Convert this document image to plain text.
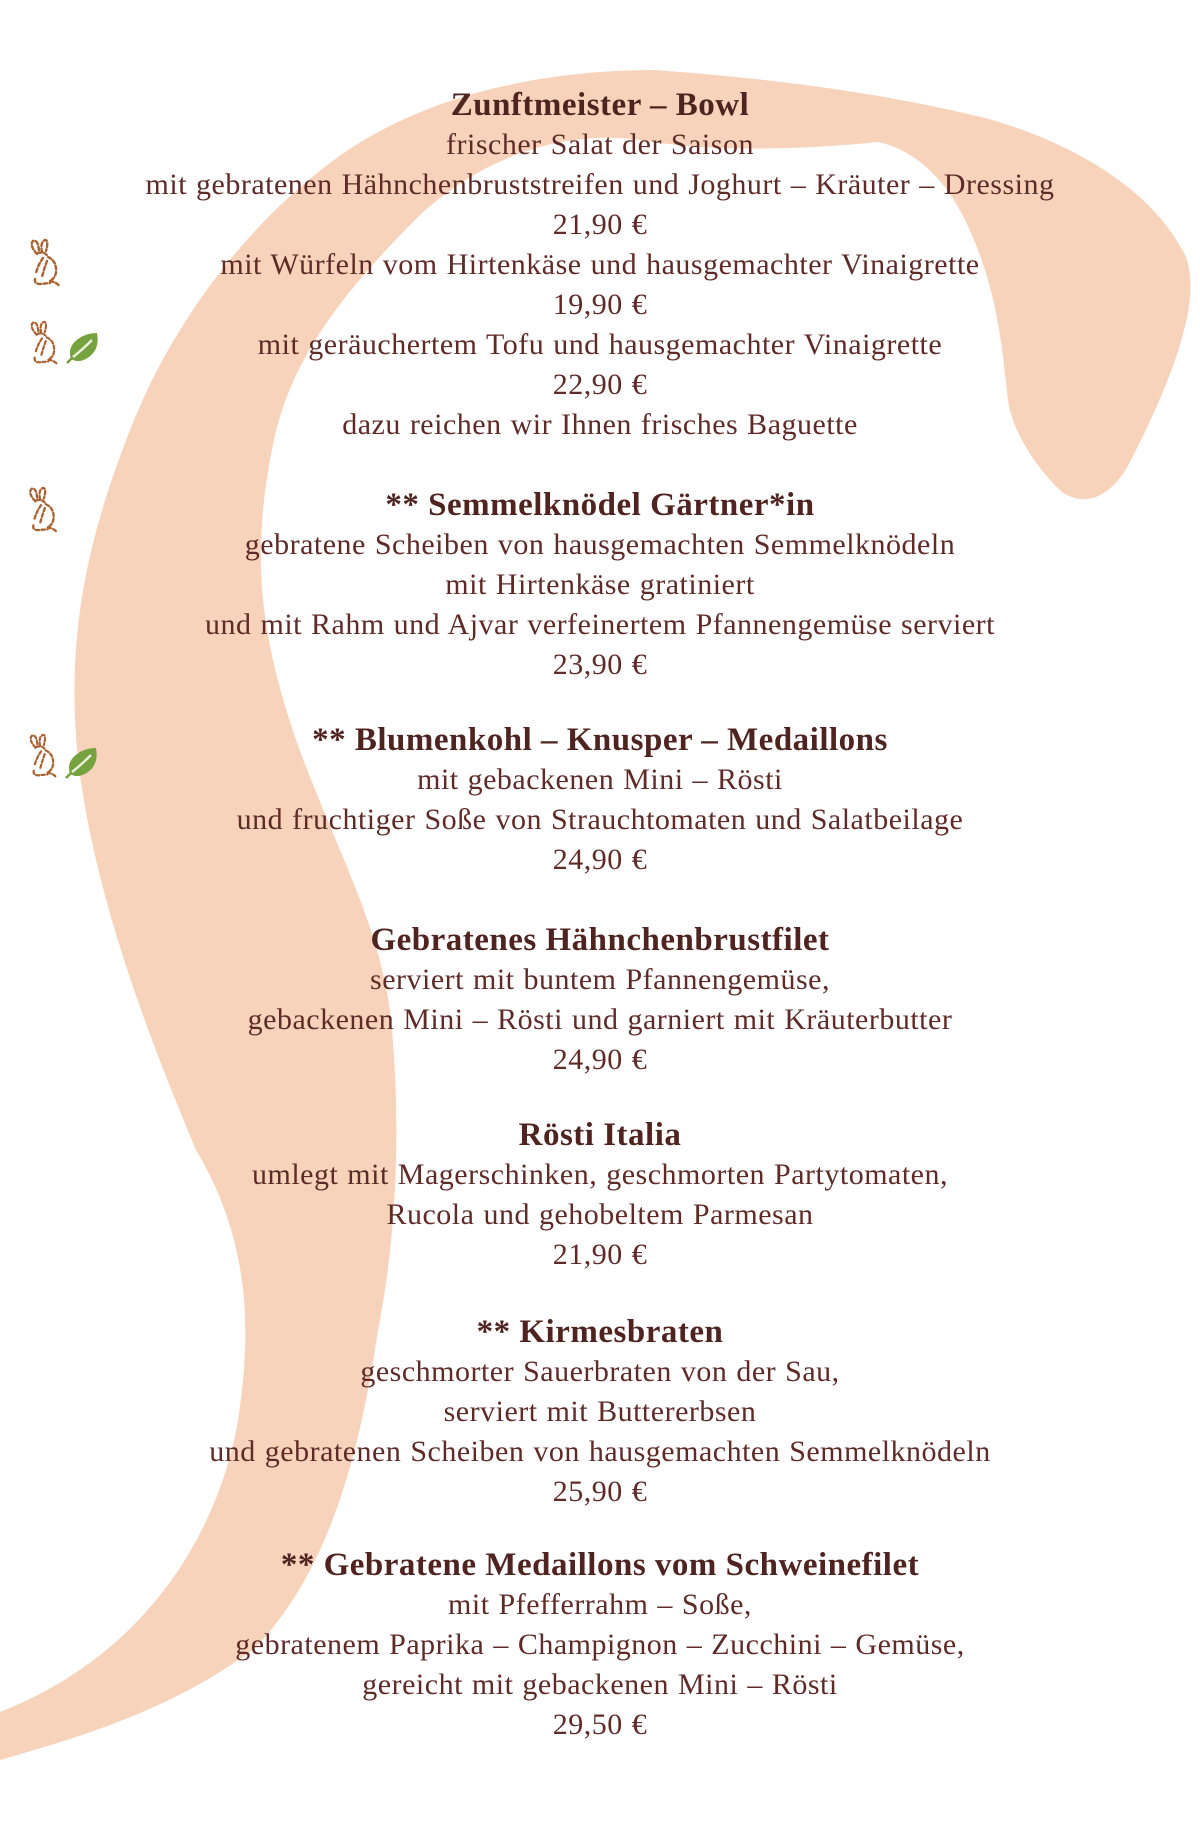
Zunftmeister – Bowl
frischer Salat der Saison
mit gebratenen Hähnchenbruststreifen und Joghurt – Kräuter – Dressing
21,90 €
mit Würfeln vom Hirtenkäse und hausgemachter Vinaigrette
19,90 €
mit geräuchertem Tofu und hausgemachter Vinaigrette
22,90 €
dazu reichen wir Ihnen frisches Baguette
** Semmelknödel Gärtner*in
gebratene Scheiben von hausgemachten Semmelknödeln
mit Hirtenkäse gratiniert
und mit Rahm und Ajvar verfeinertem Pfannengemüse serviert
23,90 €
** Blumenkohl – Knusper – Medaillons
mit gebackenen Mini – Rösti
und fruchtiger Soße von Strauchtomaten und Salatbeilage
24,90 €
Gebratenes Hähnchenbrustfilet
serviert mit buntem Pfannengemüse,
gebackenen Mini – Rösti und garniert mit Kräuterbutter
24,90 €
Rösti Italia
umlegt mit Magerschinken, geschmorten Partytomaten,
Rucola und gehobeltem Parmesan
21,90 €
** Kirmesbraten
geschmorter Sauerbraten von der Sau,
serviert mit Buttererbsen
und gebratenen Scheiben von hausgemachten Semmelknödeln
25,90 €
** Gebratene Medaillons vom Schweinefilet
mit Pfefferrahm – Soße,
gebratenem Paprika – Champignon – Zucchini – Gemüse,
gereicht mit gebackenen Mini – Rösti
29,50 €
